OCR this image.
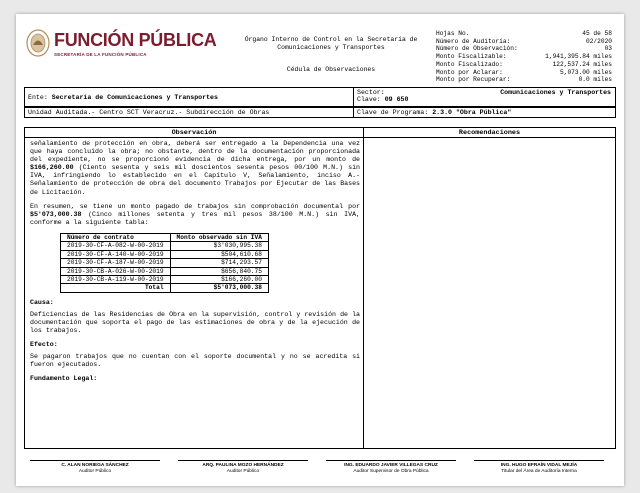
FUNCIÓN PÚBLICA
SECRETARÍA DE LA FUNCIÓN PÚBLICA
Órgano Interno de Control en la Secretaría de
Comunicaciones y Transportes
Cédula de Observaciones
Hojas No.	45 de 58
Número de Auditoría:	02/2020
Número de Observación:	03
Monto Fiscalizable:	1,941,395.84 miles
Monto Fiscalizado:	122,537.24 miles
Monto por Aclarar:	5,073.00 miles
Monto por Recuperar:	0.0 miles
Ente: Secretaría de Comunicaciones y Transportes
Sector:	Comunicaciones y Transportes
Clave: 09 650
Unidad Auditada.- Centro SCT Veracruz.- Subdirección de Obras	Clave de Programa: 2.3.0 "Obra Pública"
Observación	Recomendaciones

señalamiento de protección en obra, deberá ser entregado a la Dependencia una vez que haya concluido la obra; no obstante, dentro de la documentación proporcionada del expediente, no se proporcionó evidencia de dicha entrega, por un monto de $166,260.00 (Ciento sesenta y seis mil doscientos sesenta pesos 00/100 M.N.) sin IVA, infringiendo lo establecido en el Capítulo V, Señalamiento, inciso A.- Señalamiento de protección de obra del documento Trabajos por Ejecutar de las Bases de Licitación.

En resumen, se tiene un monto pagado de trabajos sin comprobación documental por $5'073,000.38 (Cinco millones setenta y tres mil pesos 38/100 M.N.) sin IVA, conforme a la siguiente tabla:

Número de contrato	Monto observado sin IVA
2019-30-CF-A-082-W-00-2019	$3'030,995.38
2019-30-CF-A-140-W-00-2019	$504,610.68
2019-30-CF-A-187-W-00-2019	$714,293.57
2019-30-CB-A-026-W-00-2019	$656,840.75
2019-30-CB-A-119-W-00-2019	$166,260.00
Total	$5'073,000.38
Causa:

Deficiencias de las Residencias de Obra en la supervisión, control y revisión de la documentación que soporta el pago de las estimaciones de obra y de la ejecución de los trabajos.

Efecto:

Se pagaron trabajos que no cuentan con el soporte documental y no se acredita si fueron ejecutados.

Fundamento Legal:
C. ALAN NORIEGA SÁNCHEZ
Auditor Público
ARQ. PAULINA MOZO HERNÁNDEZ
Auditor Público
ING. EDUARDO JAVIER VILLEGAS CRUZ
Auditor Supervisor de Obra Pública
ING. HUGO EFRAÍN VIDAL MEJÍA
Titular del Área de Auditoría Interna
